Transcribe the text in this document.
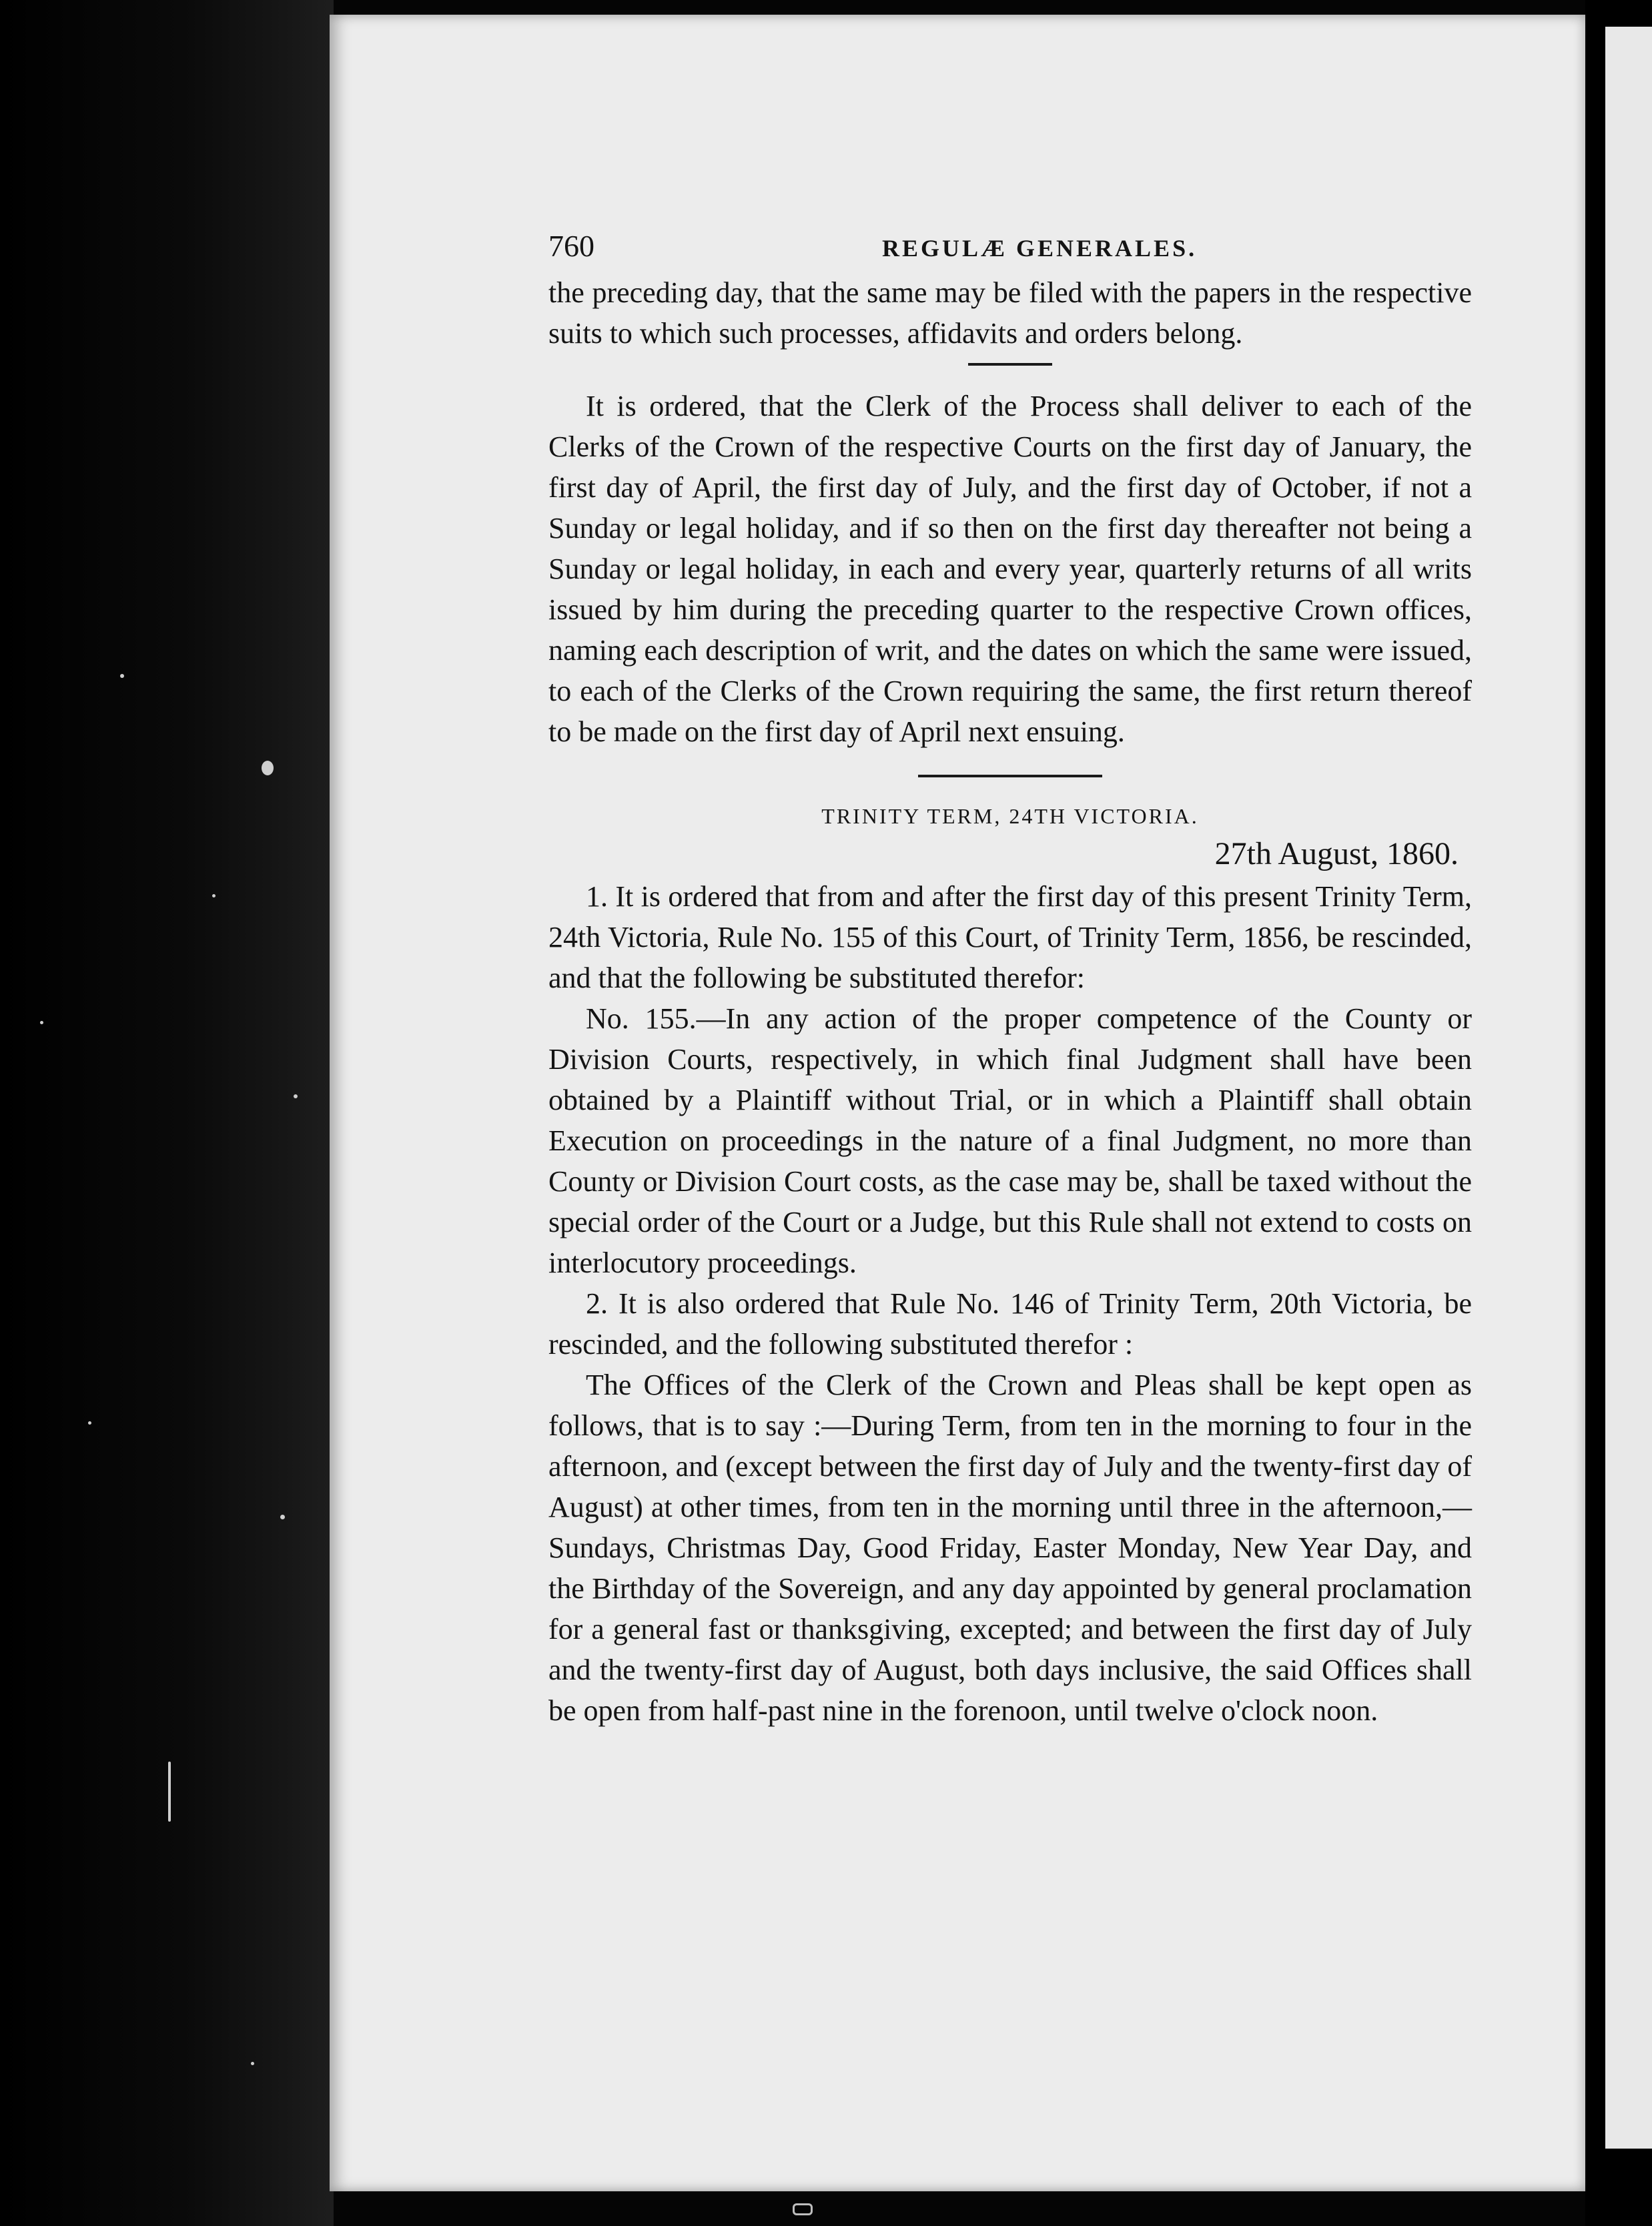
760	REGULÆ GENERALES.

the preceding day, that the same may be filed with the papers in the respective suits to which such processes, affidavits and orders belong.

It is ordered, that the Clerk of the Process shall deliver to each of the Clerks of the Crown of the respective Courts on the first day of January, the first day of April, the first day of July, and the first day of October, if not a Sunday or legal holiday, and if so then on the first day thereafter not being a Sunday or legal holiday, in each and every year, quarterly returns of all writs issued by him during the preceding quarter to the respective Crown offices, naming each description of writ, and the dates on which the same were issued, to each of the Clerks of the Crown requiring the same, the first return thereof to be made on the first day of April next ensuing.

TRINITY TERM, 24TH VICTORIA.
27th August, 1860.

1. It is ordered that from and after the first day of this present Trinity Term, 24th Victoria, Rule No. 155 of this Court, of Trinity Term, 1856, be rescinded, and that the following be substituted therefor:

No. 155.—In any action of the proper competence of the County or Division Courts, respectively, in which final Judgment shall have been obtained by a Plaintiff without Trial, or in which a Plaintiff shall obtain Execution on proceedings in the nature of a final Judgment, no more than County or Division Court costs, as the case may be, shall be taxed without the special order of the Court or a Judge, but this Rule shall not extend to costs on interlocutory proceedings.

2. It is also ordered that Rule No. 146 of Trinity Term, 20th Victoria, be rescinded, and the following substituted therefor :

The Offices of the Clerk of the Crown and Pleas shall be kept open as follows, that is to say :—During Term, from ten in the morning to four in the afternoon, and (except between the first day of July and the twenty-first day of August) at other times, from ten in the morning until three in the afternoon,—Sundays, Christmas Day, Good Friday, Easter Monday, New Year Day, and the Birthday of the Sovereign, and any day appointed by general proclamation for a general fast or thanksgiving, excepted; and between the first day of July and the twenty-first day of August, both days inclusive, the said Offices shall be open from half-past nine in the forenoon, until twelve o'clock noon.
